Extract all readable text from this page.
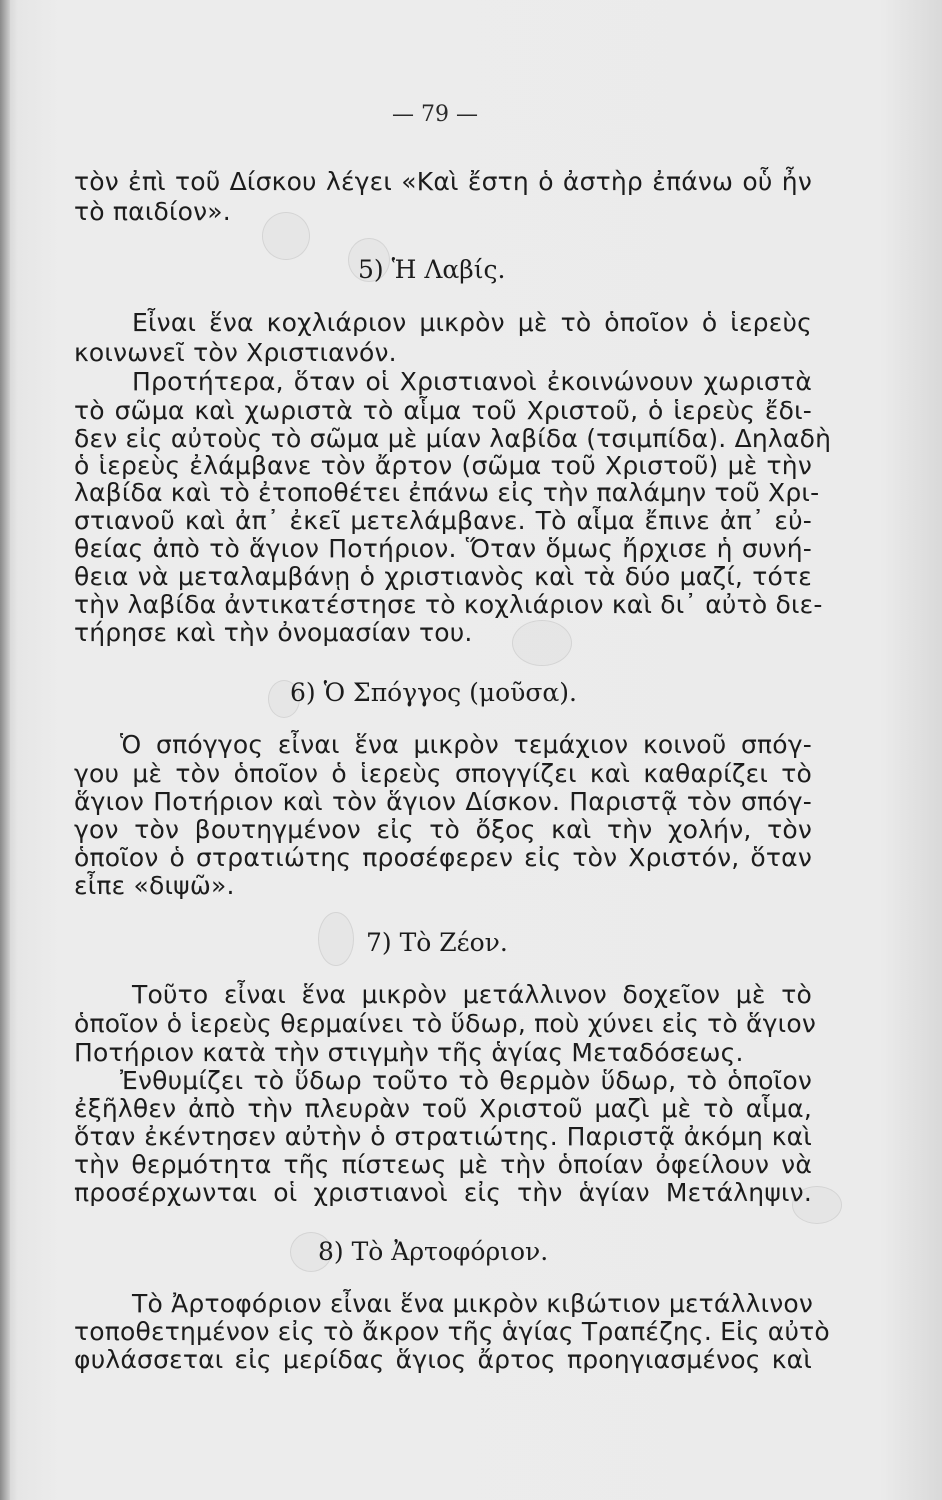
— 79 —
τὸν ἐπὶ τοῦ Δίσκου λέγει «Καὶ ἔστη ὁ ἀστὴρ ἐπάνω οὗ ἦν
τὸ παιδίον».
5) Ἡ Λαβίς.
Εἶναι ἕνα κοχλιάριον μικρὸν μὲ τὸ ὁποῖον ὁ ἱερεὺς
κοινωνεῖ τὸν Χριστιανόν.
Προτήτερα, ὅταν οἱ Χριστιανοὶ ἐκοινώνουν χωριστὰ
τὸ σῶμα καὶ χωριστὰ τὸ αἷμα τοῦ Χριστοῦ, ὁ ἱερεὺς ἔδι-
δεν εἰς αὐτοὺς τὸ σῶμα μὲ μίαν λαβίδα (τσιμπίδα). Δηλαδὴ
ὁ ἱερεὺς ἐλάμβανε τὸν ἄρτον (σῶμα τοῦ Χριστοῦ) μὲ τὴν
λαβίδα καὶ τὸ ἐτοποθέτει ἐπάνω εἰς τὴν παλάμην τοῦ Χρι-
στιανοῦ καὶ ἀπ᾿ ἐκεῖ μετελάμβανε. Τὸ αἷμα ἔπινε ἀπ᾿ εὐ-
θείας ἀπὸ τὸ ἅγιον Ποτήριον. Ὅταν ὅμως ἤρχισε ἡ συνή-
θεια νὰ μεταλαμβάνῃ ὁ χριστιανὸς καὶ τὰ δύο μαζί, τότε
τὴν λαβίδα ἀντικατέστησε τὸ κοχλιάριον καὶ δι᾿ αὐτὸ διε-
τήρησε καὶ τὴν ὀνομασίαν του.
6) Ὁ Σπόγγος (μοῦσα).
Ὁ σπόγγος εἶναι ἕνα μικρὸν τεμάχιον κοινοῦ σπόγ-
γου μὲ τὸν ὁποῖον ὁ ἱερεὺς σπογγίζει καὶ καθαρίζει τὸ
ἅγιον Ποτήριον καὶ τὸν ἅγιον Δίσκον. Παριστᾷ τὸν σπόγ-
γον τὸν βουτηγμένον εἰς τὸ ὄξος καὶ τὴν χολήν, τὸν
ὁποῖον ὁ στρατιώτης προσέφερεν εἰς τὸν Χριστόν, ὅταν
εἶπε «διψῶ».
7) Τὸ Ζέον.
Τοῦτο εἶναι ἕνα μικρὸν μετάλλινον δοχεῖον μὲ τὸ
ὁποῖον ὁ ἱερεὺς θερμαίνει τὸ ὕδωρ, ποὺ χύνει εἰς τὸ ἅγιον
Ποτήριον κατὰ τὴν στιγμὴν τῆς ἁγίας Μεταδόσεως.
Ἐνθυμίζει τὸ ὕδωρ τοῦτο τὸ θερμὸν ὕδωρ, τὸ ὁποῖον
ἐξῆλθεν ἀπὸ τὴν πλευρὰν τοῦ Χριστοῦ μαζὶ μὲ τὸ αἷμα,
ὅταν ἐκέντησεν αὐτὴν ὁ στρατιώτης. Παριστᾷ ἀκόμη καὶ
τὴν θερμότητα τῆς πίστεως μὲ τὴν ὁποίαν ὀφείλουν νὰ
προσέρχωνται οἱ χριστιανοὶ εἰς τὴν ἁγίαν Μετάληψιν.
8) Τὸ Ἀρτοφόριον.
Τὸ Ἀρτοφόριον εἶναι ἕνα μικρὸν κιβώτιον μετάλλινον
τοποθετημένον εἰς τὸ ἄκρον τῆς ἁγίας Τραπέζης. Εἰς αὐτὸ
φυλάσσεται εἰς μερίδας ἅγιος ἄρτος προηγιασμένος καὶ
